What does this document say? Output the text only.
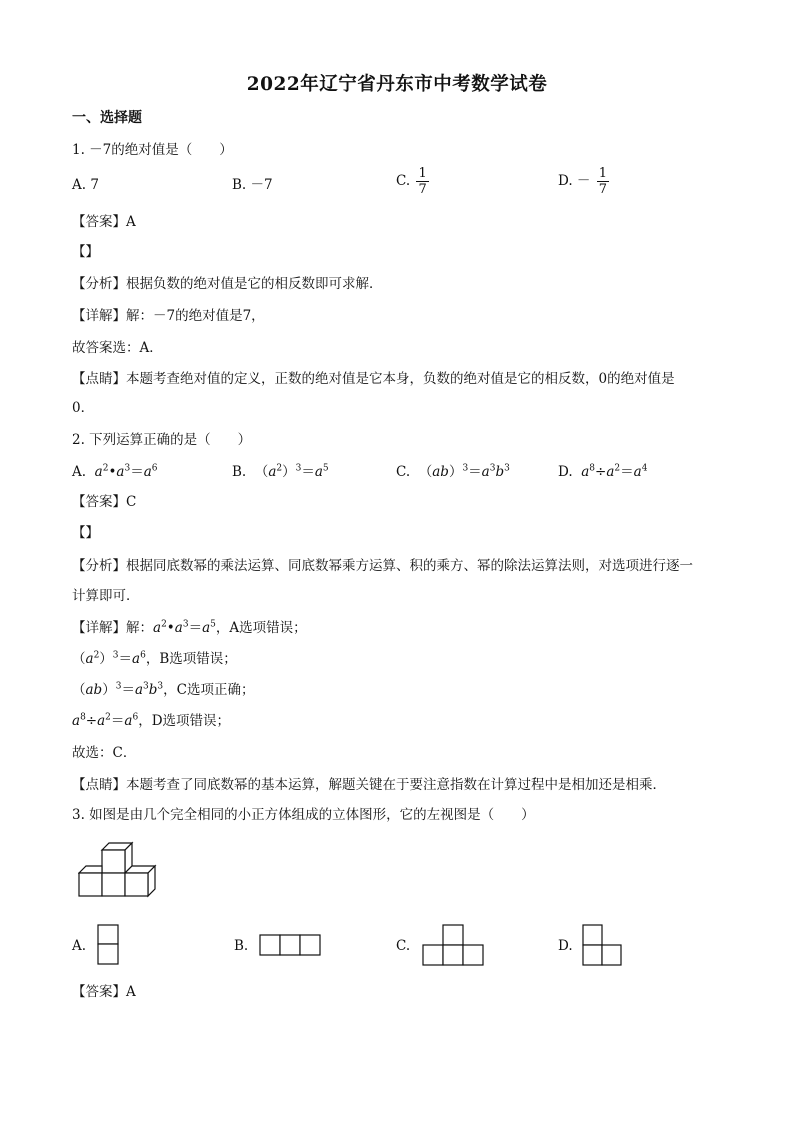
2022年辽宁省丹东市中考数学试卷
一、选择题
1. －7的绝对值是（　　）
A. 7	B. －7	C. $\frac{1}{7}$	D. － $\frac{1}{7}$
【答案】A
【】
【分析】根据负数的绝对值是它的相反数即可求解．
【详解】解：－7的绝对值是7，
故答案选：A．
【点睛】本题考查绝对值的定义，正数的绝对值是它本身，负数的绝对值是它的相反数，0的绝对值是
0．
2. 下列运算正确的是（　　）
A. $a^2•a^3=a^6$	B.  $(a^2)^3=a^5$	C.  $(ab)^3=a^3b^3$	D. $a^8\div a^2=a^4$
【答案】C
【】
【分析】根据同底数幂的乘法运算、同底数幂乘方运算、积的乘方、幂的除法运算法则，对选项进行逐一
计算即可．
【详解】解：$a^2•a^3=a^5$，A选项错误；
$(a^2)^3=a^6$，B选项错误；
$(ab)^3=a^3b^3$，C选项正确；
$a^8\div a^2=a^6$，D选项错误；
故选：C．
【点睛】本题考查了同底数幂的基本运算，解题关键在于要注意指数在计算过程中是相加还是相乘．
3. 如图是由几个完全相同的小正方体组成的立体图形，它的左视图是（　　）
A.	B.	C.	D.
【答案】A
